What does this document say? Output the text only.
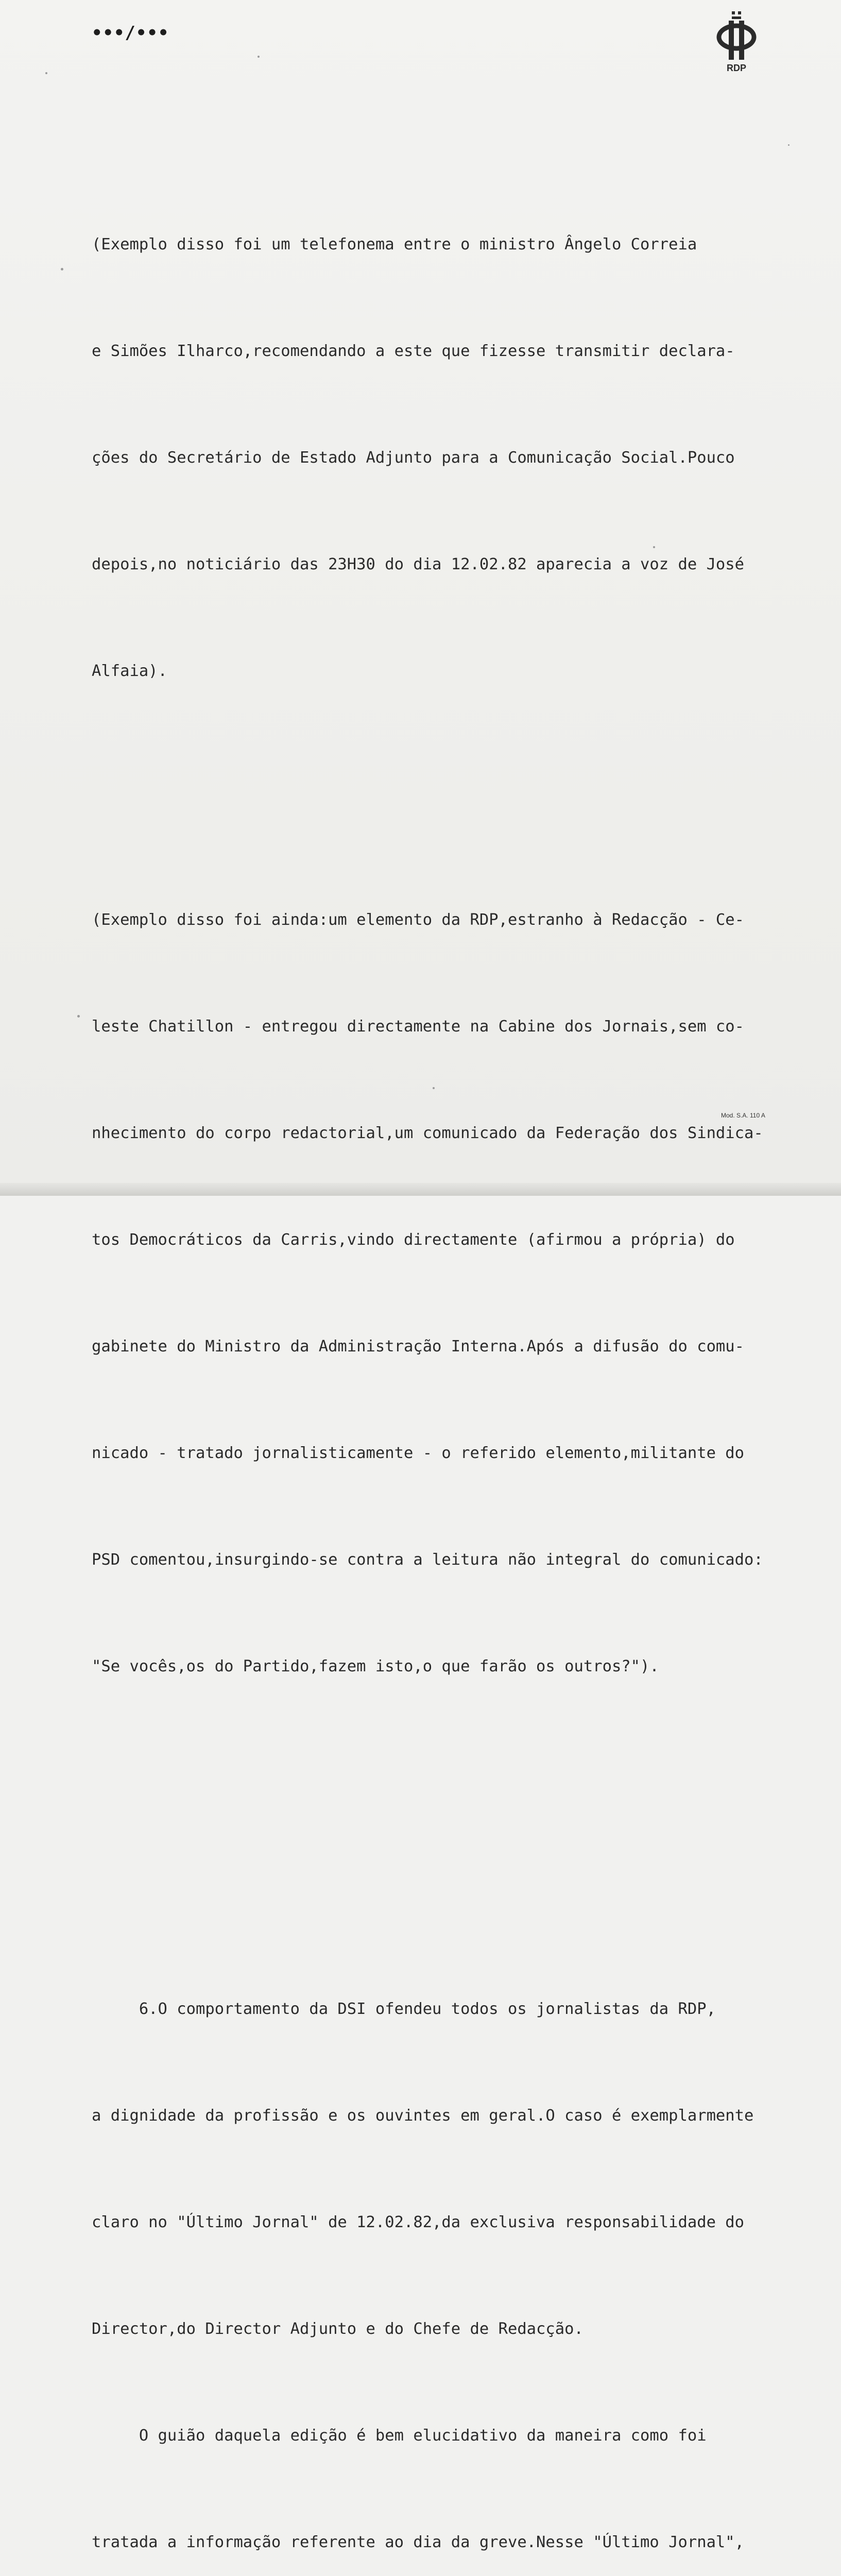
•••/•••

RDP

(Exemplo disso foi um telefonema entre o ministro Ângelo Correia

e Simões Ilharco,recomendando a este que fizesse transmitir declara-

ções do Secretário de Estado Adjunto para a Comunicação Social.Pouco

depois,no noticiário das 23H30 do dia 12.02.82 aparecia a voz de José

Alfaia).

(Exemplo disso foi ainda:um elemento da RDP,estranho à Redacção - Ce-

leste Chatillon - entregou directamente na Cabine dos Jornais,sem co-

nhecimento do corpo redactorial,um comunicado da Federação dos Sindica-

tos Democráticos da Carris,vindo directamente (afirmou a própria) do

gabinete do Ministro da Administração Interna.Após a difusão do comu-

nicado - tratado jornalisticamente - o referido elemento,militante do

PSD comentou,insurgindo-se contra a leitura não integral do comunicado:

"Se vocês,os do Partido,fazem isto,o que farão os outros?").

6.O comportamento da DSI ofendeu todos os jornalistas da RDP,

a dignidade da profissão e os ouvintes em geral.O caso é exemplarmente

claro no "Último Jornal" de 12.02.82,da exclusiva responsabilidade do

Director,do Director Adjunto e do Chefe de Redacção.

O guião daquela edição é bem elucidativo da maneira como foi

tratada a informação referente ao dia da greve.Nesse "Último Jornal",

Mod. S.A. 110 A
